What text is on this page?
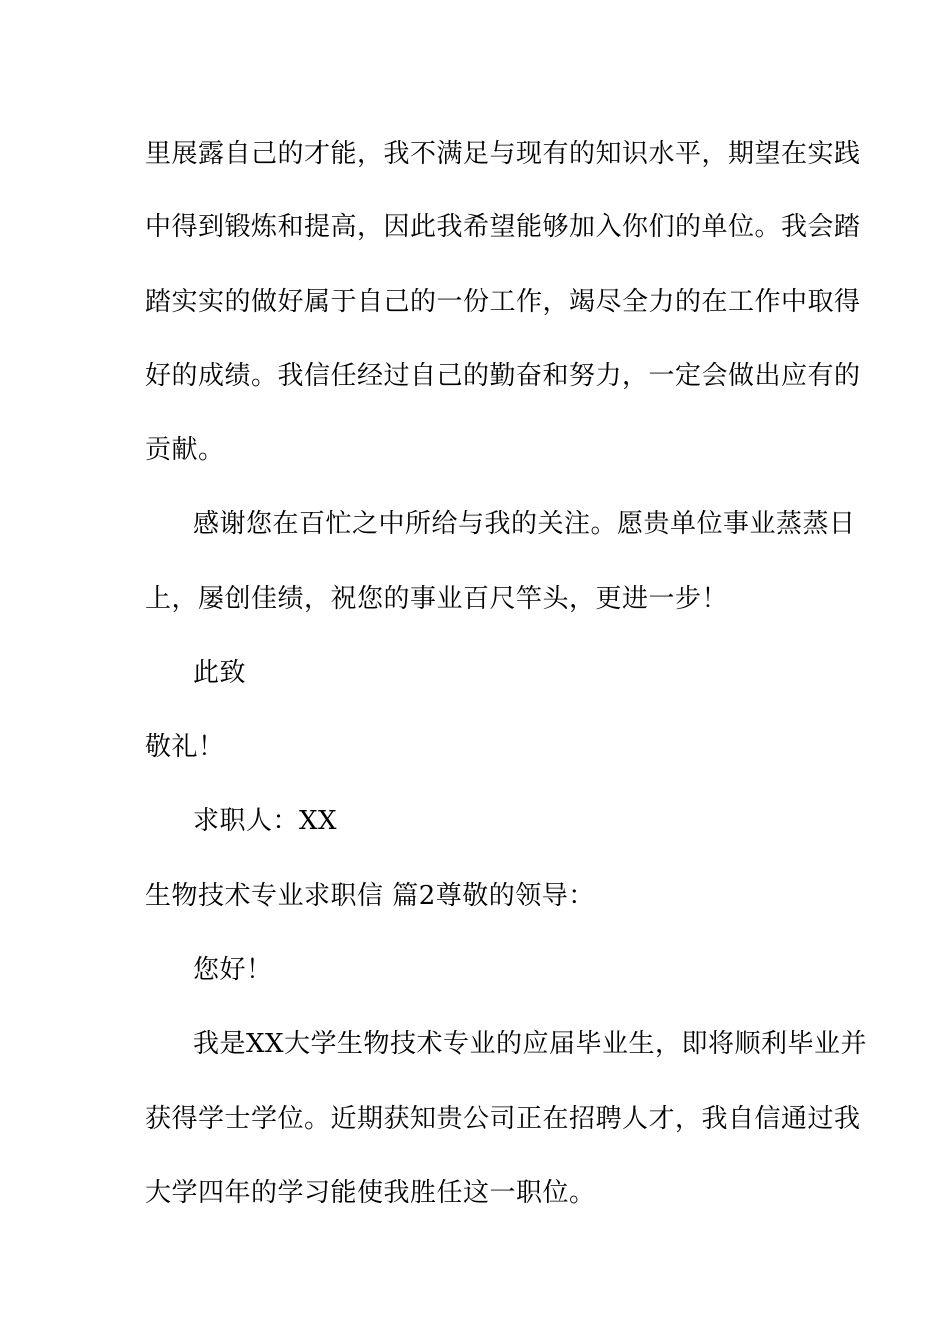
里展露自己的才能，我不满足与现有的知识水平，期望在实践
中得到锻炼和提高，因此我希望能够加入你们的单位。我会踏
踏实实的做好属于自己的一份工作，竭尽全力的在工作中取得
好的成绩。我信任经过自己的勤奋和努力，一定会做出应有的
贡献。
感谢您在百忙之中所给与我的关注。愿贵单位事业蒸蒸日
上，屡创佳绩，祝您的事业百尺竿头，更进一步！
此致
敬礼！
求职人：XX
生物技术专业求职信 篇2尊敬的领导：
您好！
我是XX大学生物技术专业的应届毕业生，即将顺利毕业并
获得学士学位。近期获知贵公司正在招聘人才，我自信通过我
大学四年的学习能使我胜任这一职位。
